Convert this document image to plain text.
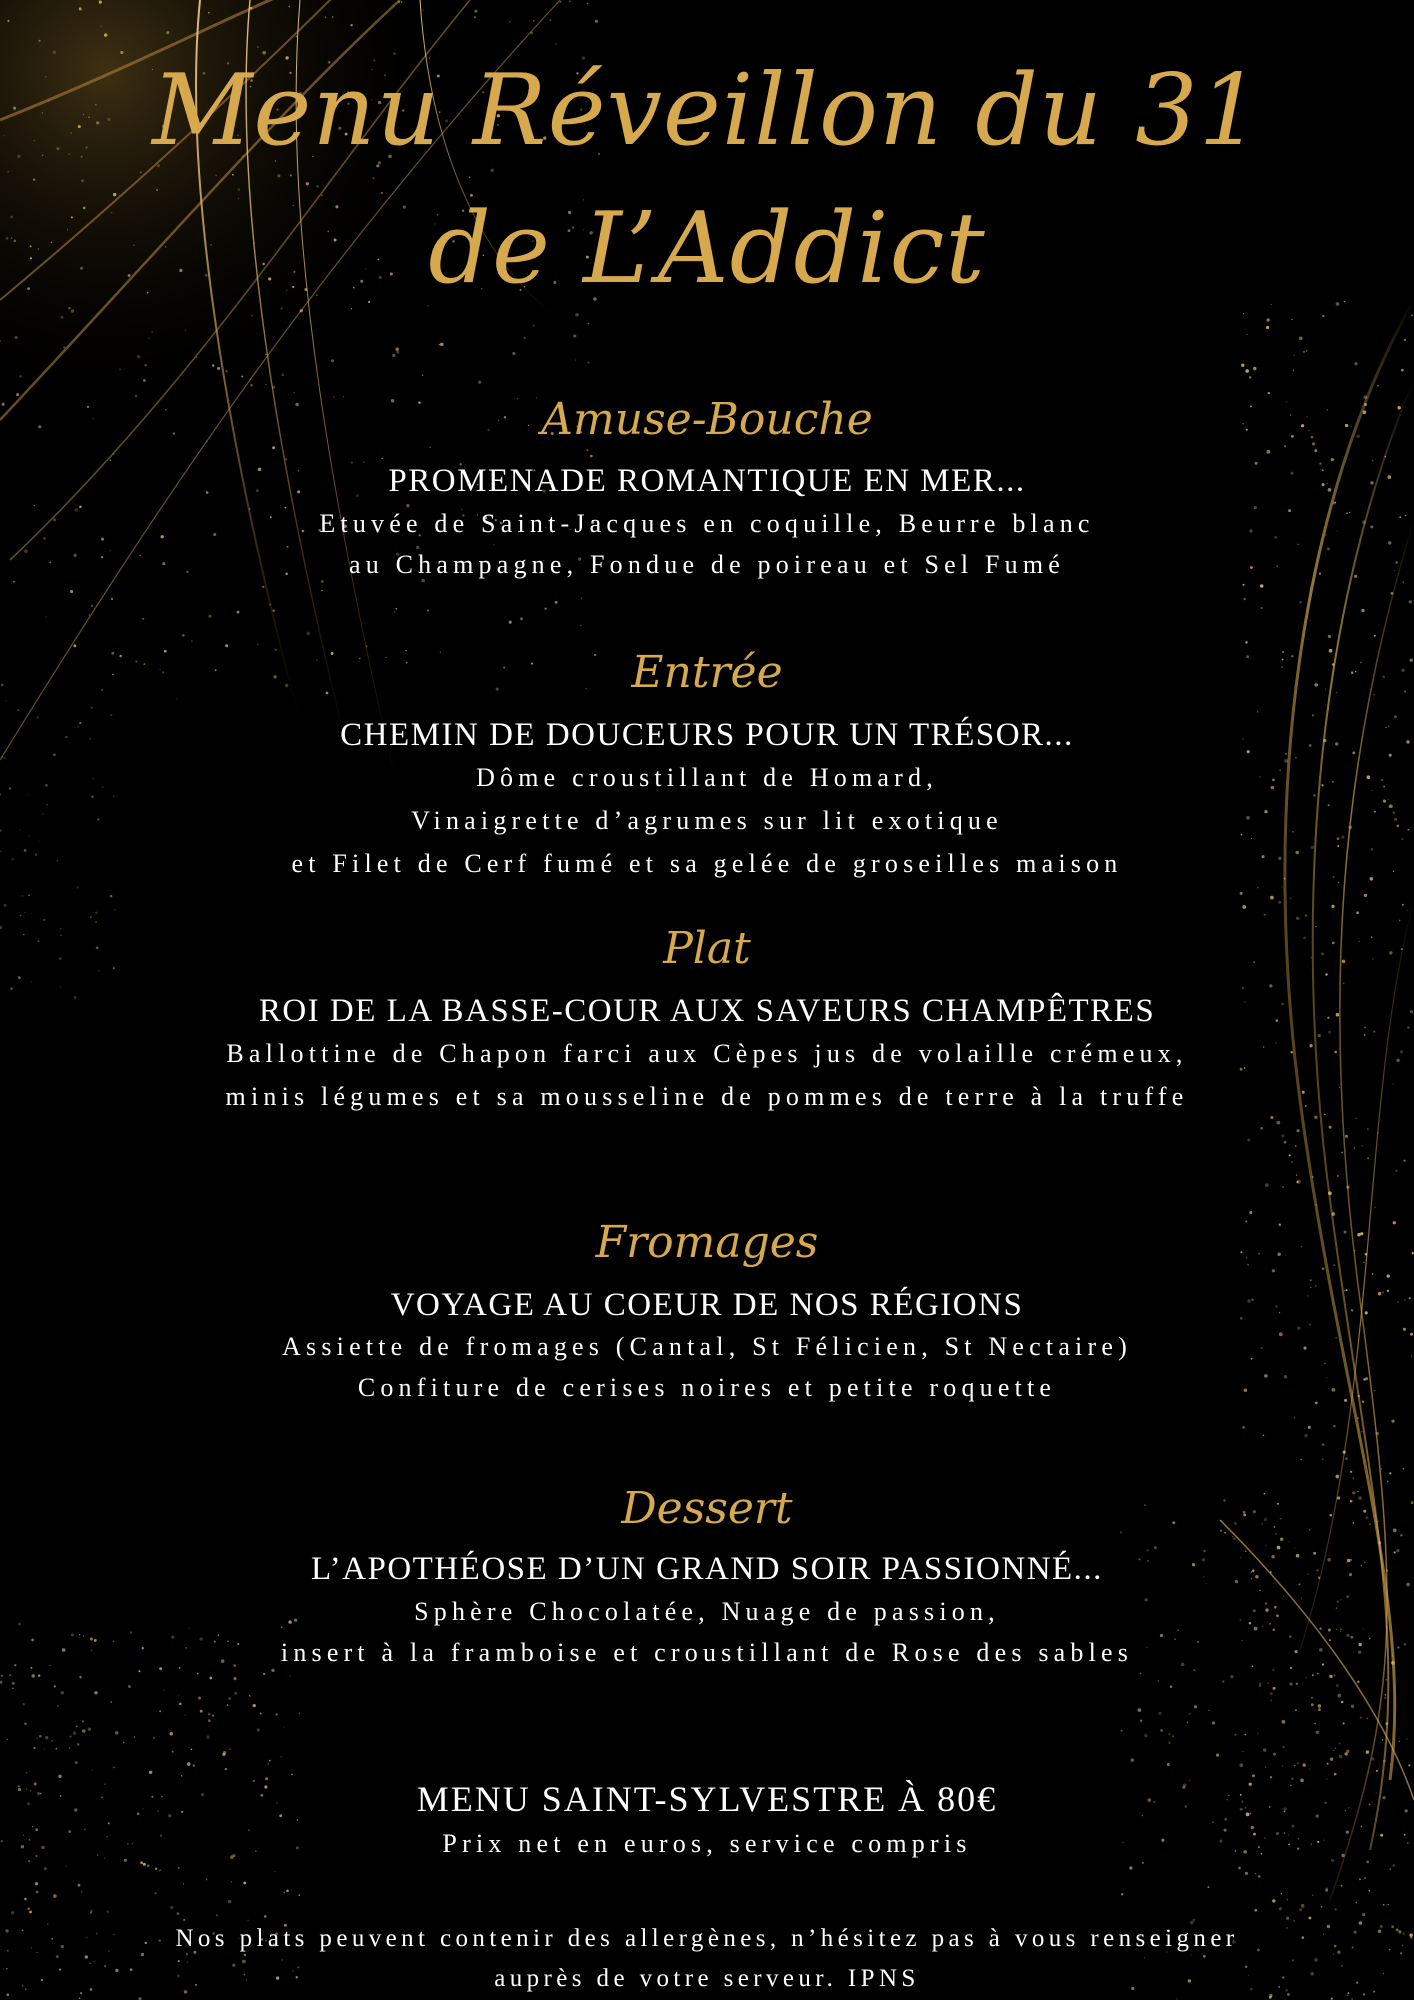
Menu Réveillon du 31
de L’Addict
Amuse-Bouche
PROMENADE ROMANTIQUE EN MER...
Etuvée de Saint-Jacques en coquille, Beurre blanc
au Champagne, Fondue de poireau et Sel Fumé
Entrée
CHEMIN DE DOUCEURS POUR UN TRÉSOR...
Dôme croustillant de Homard,
Vinaigrette d’agrumes sur lit exotique
et Filet de Cerf fumé et sa gelée de groseilles maison
Plat
ROI DE LA BASSE-COUR AUX SAVEURS CHAMPÊTRES
Ballottine de Chapon farci aux Cèpes jus de volaille crémeux,
minis légumes et sa mousseline de pommes de terre à la truffe
Fromages
VOYAGE AU COEUR DE NOS RÉGIONS
Assiette de fromages (Cantal, St Félicien, St Nectaire)
Confiture de cerises noires et petite roquette
Dessert
L’APOTHÉOSE D’UN GRAND SOIR PASSIONNÉ...
Sphère Chocolatée, Nuage de passion,
insert à la framboise et croustillant de Rose des sables
MENU SAINT-SYLVESTRE À 80€
Prix net en euros, service compris
Nos plats peuvent contenir des allergènes, n’hésitez pas à vous renseigner
auprès de votre serveur. IPNS
